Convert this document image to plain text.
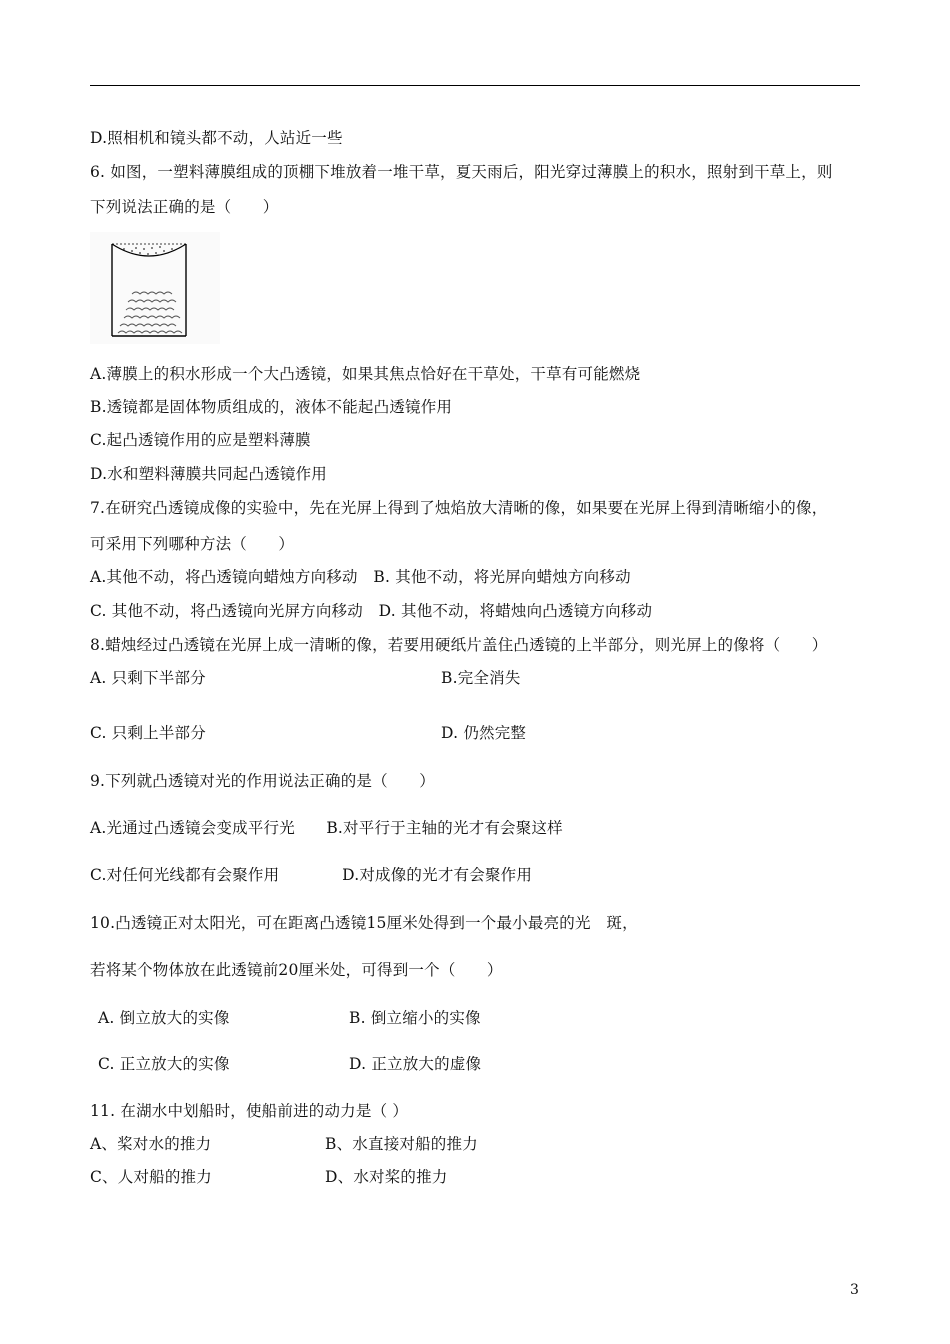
D.照相机和镜头都不动，人站近一些
6. 如图，一塑料薄膜组成的顶棚下堆放着一堆干草，夏天雨后，阳光穿过薄膜上的积水，照射到干草上，则
下列说法正确的是（　　）
A.薄膜上的积水形成一个大凸透镜，如果其焦点恰好在干草处，干草有可能燃烧
B.透镜都是固体物质组成的，液体不能起凸透镜作用
C.起凸透镜作用的应是塑料薄膜
D.水和塑料薄膜共同起凸透镜作用
7.在研究凸透镜成像的实验中，先在光屏上得到了烛焰放大清晰的像，如果要在光屏上得到清晰缩小的像，
可采用下列哪种方法（　　）
A.其他不动，将凸透镜向蜡烛方向移动　B. 其他不动，将光屏向蜡烛方向移动
C. 其他不动，将凸透镜向光屏方向移动　D. 其他不动，将蜡烛向凸透镜方向移动
8.蜡烛经过凸透镜在光屏上成一清晰的像，若要用硬纸片盖住凸透镜的上半部分，则光屏上的像将（　　）
A. 只剩下半部分	B.完全消失
C. 只剩上半部分	D. 仍然完整
9.下列就凸透镜对光的作用说法正确的是（　　）
A.光通过凸透镜会变成平行光　　B.对平行于主轴的光才有会聚这样
C.对任何光线都有会聚作用　　　　D.对成像的光才有会聚作用
10.凸透镜正对太阳光，可在距离凸透镜15厘米处得到一个最小最亮的光　斑，
若将某个物体放在此透镜前20厘米处，可得到一个（　　）
A. 倒立放大的实像	B. 倒立缩小的实像
C. 正立放大的实像	D. 正立放大的虚像
11. 在湖水中划船时，使船前进的动力是（ ）
A、桨对水的推力	B、水直接对船的推力
C、人对船的推力	D、水对桨的推力
3
